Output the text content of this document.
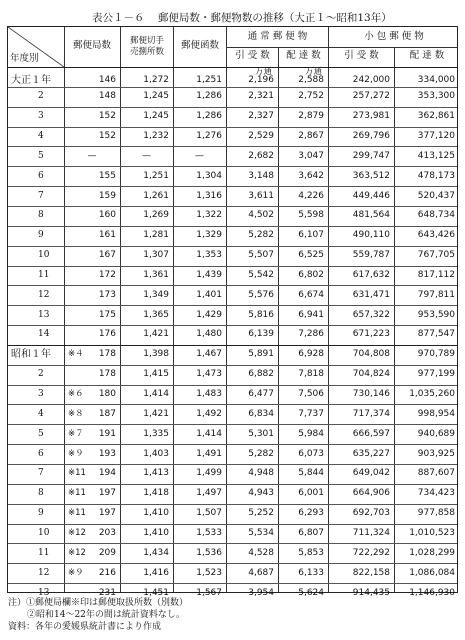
表公１－６ 郵便局数・郵便物数の推移（大正１～昭和13年）
郵便局数	郵便切手売捌所数
郵便函数
通 常 郵 便 物	小 包 郵 便 物
引 受 数	配 達 数	引 受 数	配 達 数
年度別
大正１年	146	1,272	1,251	2,196	2,588	242,000	334,000
2	148	1,245	1,286	2,321	2,752	257,272	353,300
3	152	1,245	1,286	2,327	2,879	273,981	362,861
4	152	1,232	1,276	2,529	2,867	269,796	377,120
5	—	—	—	2,682	3,047	299,747	413,125
6	155	1,251	1,304	3,148	3,642	363,512	478,173
7	159	1,261	1,316	3,611	4,226	449,446	520,437
8	160	1,269	1,322	4,502	5,598	481,564	648,734
9	161	1,281	1,329	5,282	6,107	490,110	643,426
10	167	1,307	1,353	5,507	6,525	559,787	767,705
11	172	1,361	1,439	5,542	6,802	617,632	817,112
12	173	1,349	1,401	5,576	6,674	631,471	797,811
13	175	1,365	1,429	5,816	6,941	657,322	953,590
14	176	1,421	1,480	6,139	7,286	671,223	877,547
昭和１年 ※４	178	1,398	1,467	5,891	6,928	704,808	970,789
2	178	1,415	1,473	6,882	7,818	704,824	977,199
3	※６	180	1,414	1,483	6,477	7,506	730,146	1,035,260
4	※８	187	1,421	1,492	6,834	7,737	717,374	998,954
5	※７	191	1,335	1,414	5,301	5,984	666,597	940,689
6	※９	193	1,403	1,491	5,282	6,073	635,227	903,925
7	※11	194	1,413	1,499	4,948	5,844	649,042	887,607
8	※11	197	1,418	1,497	4,943	6,001	664,906	734,423
9	※11	197	1,410	1,507	5,252	6,293	692,703	977,858
10 ※12	203	1,410	1,533	5,534	6,807	711,324	1,010,523
11 ※12	209	1,434	1,536	4,528	5,853	722,292	1,028,299
12 ※９	216	1,416	1,523	4,687	6,133	822,158	1,086,084
13	231	1,451	1,567	3,954	5,624	914,435	1,146,930
万通	万通
注）①郵便局欄※印は郵便取扱所数（別数）
②昭和14～22年の間は統計資料なし。
資料：各年の愛媛県統計書により作成
